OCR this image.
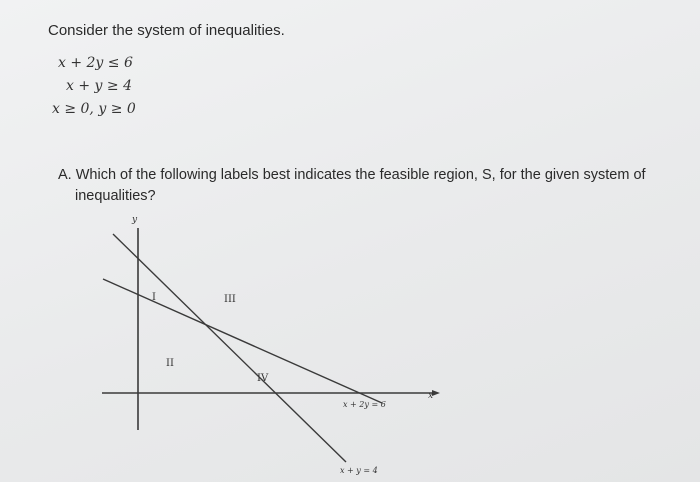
Consider the system of inequalities.
x + 2y ≤ 6
x + y ≥ 4
x ≥ 0, y ≥ 0
A. Which of the following labels best indicates the feasible region, S, for the given system of
inequalities?
y
x
I
II
III
IV
x + 2y = 6
x + y = 4
